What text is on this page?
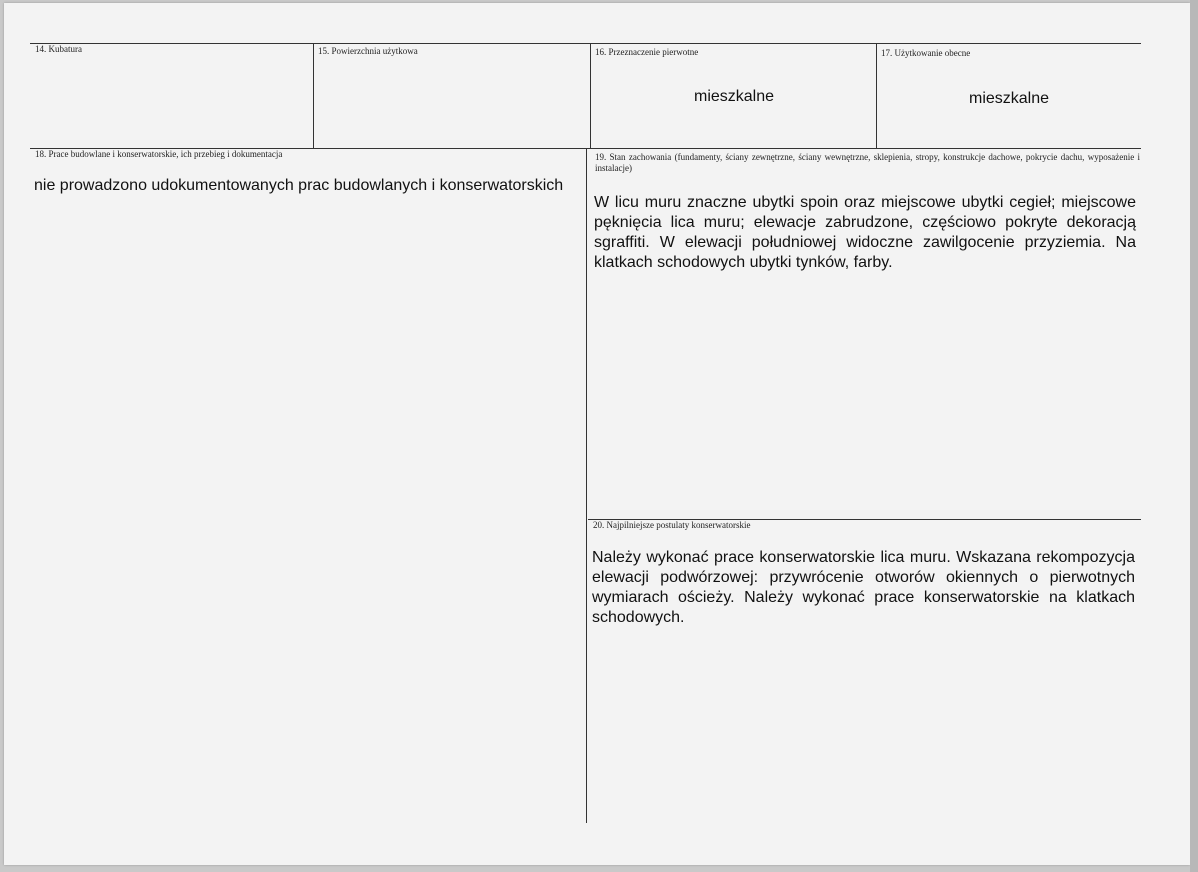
14. Kubatura	15. Powierzchnia użytkowa	16. Przeznaczenie pierwotne
mieszkalne
17. Użytkowanie obecne
mieszkalne
18. Prace budowlane i konserwatorskie, ich przebieg i dokumentacja
nie prowadzono udokumentowanych prac budowlanych i konserwatorskich
19. Stan zachowania (fundamenty, ściany zewnętrzne, ściany wewnętrzne, sklepienia, stropy, konstrukcje dachowe, pokrycie dachu, wyposażenie i instalacje)
W licu muru znaczne ubytki spoin oraz miejscowe ubytki cegieł; miejscowe pęknięcia lica muru; elewacje zabrudzone, częściowo pokryte dekoracją sgraffiti. W elewacji południowej widoczne zawilgocenie przyziemia. Na klatkach schodowych ubytki tynków, farby.
20. Najpilniejsze postulaty konserwatorskie
Należy wykonać prace konserwatorskie lica muru. Wskazana rekompozycja elewacji podwórzowej: przywrócenie otworów okiennych o pierwotnych wymiarach ościeży. Należy wykonać prace konserwatorskie na klatkach schodowych.
